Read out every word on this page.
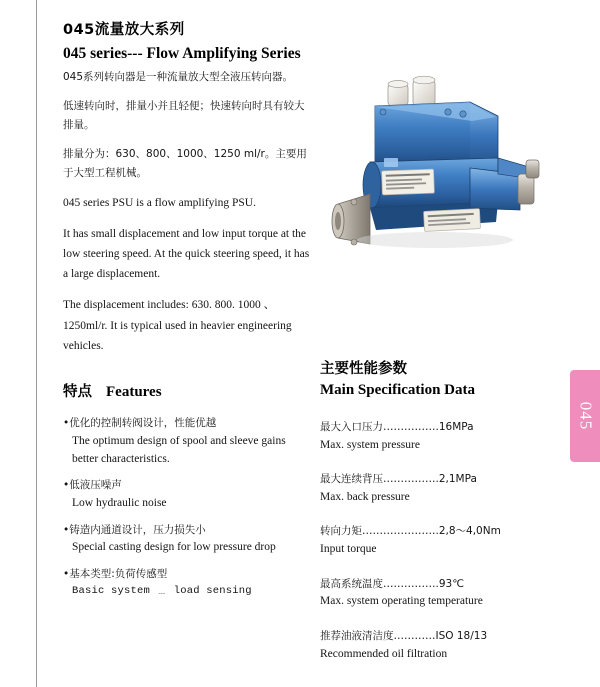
045流量放大系列
045 series--- Flow Amplifying Series

045系列转向器是一种流量放大型全液压转向器。

低速转向时，排量小并且轻便；快速转向时具有较大排量。

排量分为：630、800、1000、1250 ml/r。主要用于大型工程机械。

045 series PSU is a flow amplifying PSU.

It has small displacement and low input torque at the low steering speed. At the quick steering speed, it has a large displacement.

The displacement includes: 630. 800. 1000 、1250ml/r. It is typical used in heavier engineering vehicles.

特点 Features
•优化的控制转阀设计，性能优越
The optimum design of spool and sleeve gains better characteristics.
•低液压噪声
Low hydraulic noise
•铸造内通道设计，压力损失小
Special casting design for low pressure drop
•基本类型:负荷传感型
Basic system ﹍ load sensing
主要性能参数
Main Specification Data
最大入口压力…………….16MPa
Max. system pressure
最大连续背压…………….2,1MPa
Max. back pressure
转向力矩………………….2,8～4,0Nm
Input torque
最高系统温度…………….93℃
Max. system operating temperature
推荐油液清洁度…………ISO 18/13
Recommended oil filtration
045
